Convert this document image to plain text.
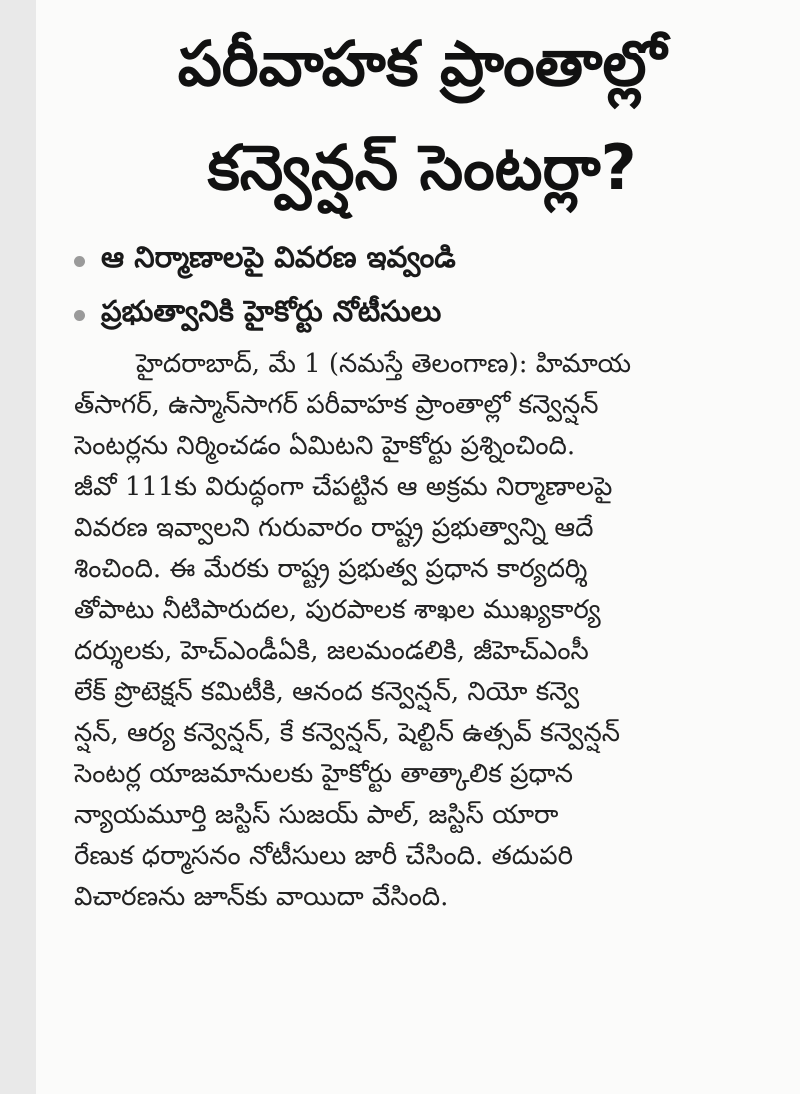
పరీవాహక ప్రాంతాల్లో
కన్వెన్షన్ సెంటర్లా?
ఆ నిర్మాణాలపై వివరణ ఇవ్వండి
ప్రభుత్వానికి హైకోర్టు నోటీసులు
హైదరాబాద్, మే 1 (నమస్తే తెలంగాణ): హిమాయ
త్‌సాగర్, ఉస్మాన్‌సాగర్ పరీవాహక ప్రాంతాల్లో కన్వెన్షన్
సెంటర్లను నిర్మించడం ఏమిటని హైకోర్టు ప్రశ్నించింది.
జీవో 111కు విరుద్ధంగా చేపట్టిన ఆ అక్రమ నిర్మాణాలపై
వివరణ ఇవ్వాలని గురువారం రాష్ట్ర ప్రభుత్వాన్ని ఆదే
శించింది. ఈ మేరకు రాష్ట్ర ప్రభుత్వ ప్రధాన కార్యదర్శి
తోపాటు నీటిపారుదల, పురపాలక శాఖల ముఖ్యకార్య
దర్శులకు, హెచ్ఎండీఏకి, జలమండలికి, జీహెచ్ఎంసీ
లేక్ ప్రొటెక్షన్ కమిటీకి, ఆనంద కన్వెన్షన్, నియో కన్వె
న్షన్, ఆర్య కన్వెన్షన్, కే కన్వెన్షన్, షెల్టిన్ ఉత్సవ్ కన్వెన్షన్
సెంటర్ల యాజమానులకు హైకోర్టు తాత్కాలిక ప్రధాన
న్యాయమూర్తి జస్టిస్ సుజయ్ పాల్, జస్టిస్ యారా
రేణుక ధర్మాసనం నోటీసులు జారీ చేసింది. తదుపరి
విచారణను జూన్‌కు వాయిదా వేసింది.
